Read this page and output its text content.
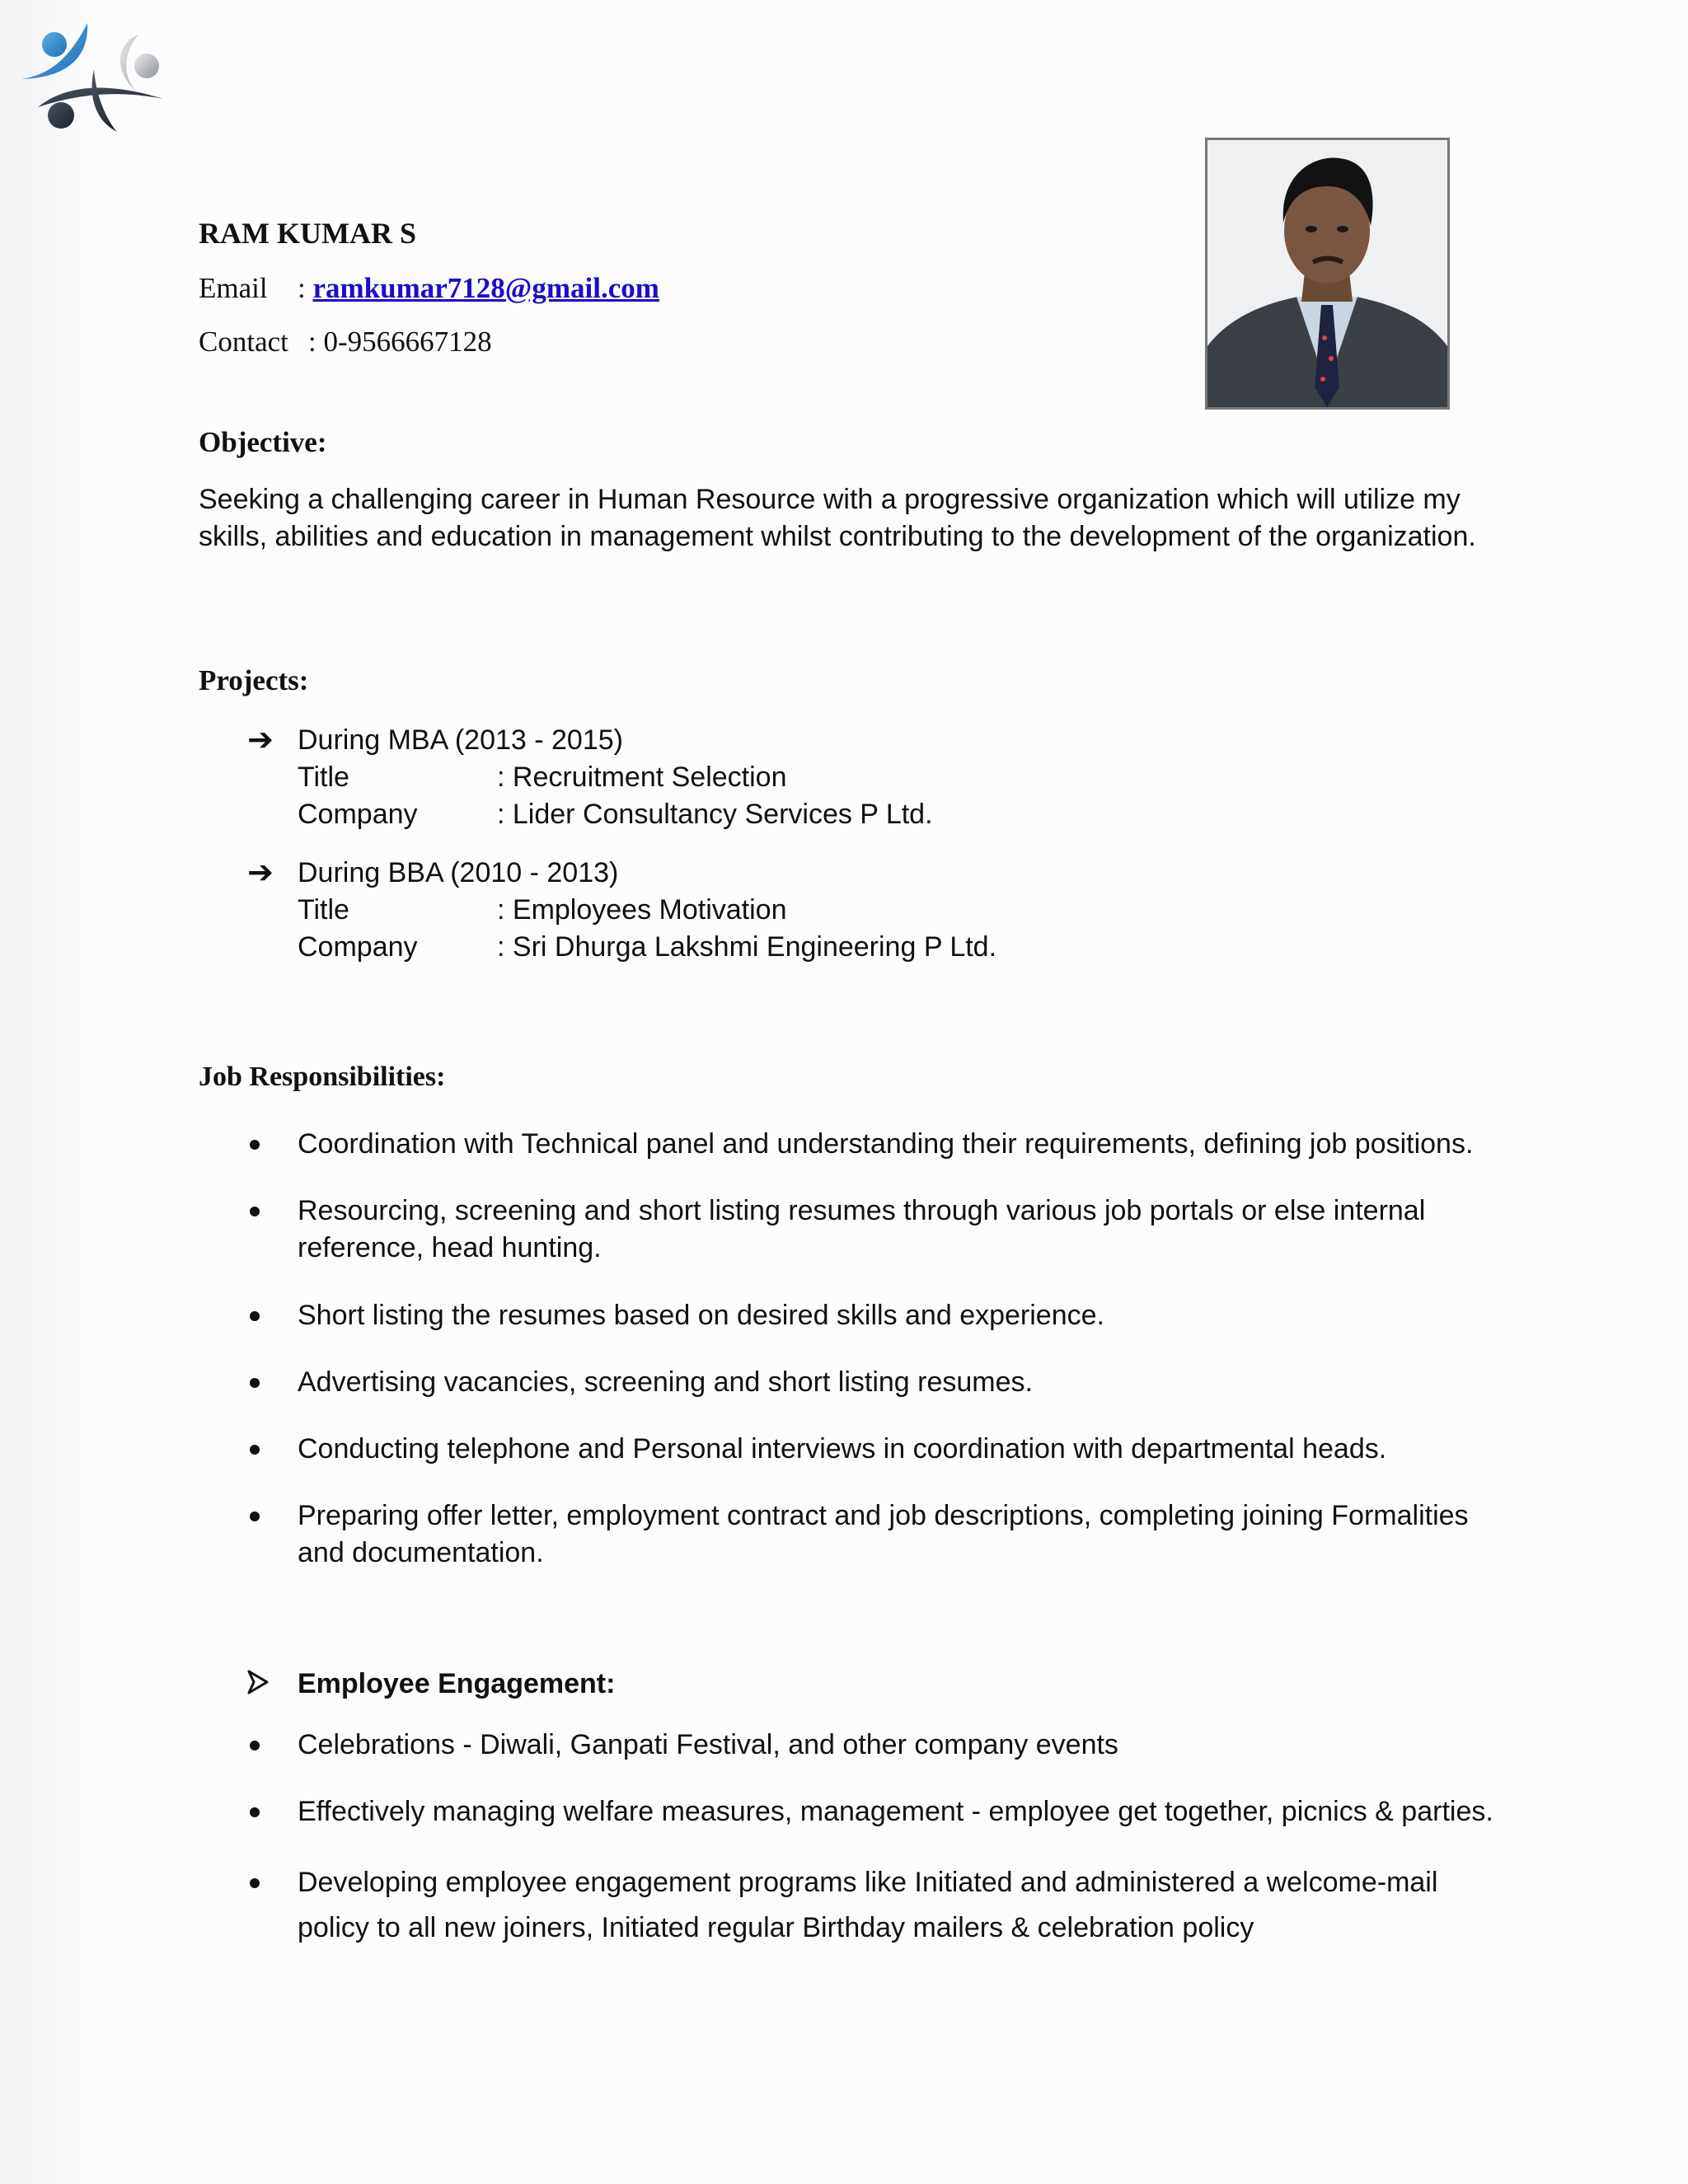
RAM KUMAR S
Email : ramkumar7128@gmail.com
Contact : 0-9566667128
Objective:
Seeking a challenging career in Human Resource with a progressive organization which will utilize my skills, abilities and education in management whilst contributing to the development of the organization.
Projects:
➔ During MBA (2013 - 2015)
Title	: Recruitment Selection
Company	: Lider Consultancy Services P Ltd.
➔ During BBA (2010 - 2013)
Title	: Employees Motivation
Company	: Sri Dhurga Lakshmi Engineering P Ltd.
Job Responsibilities:
Coordination with Technical panel and understanding their requirements, defining job positions.
Resourcing, screening and short listing resumes through various job portals or else internal reference, head hunting.
Short listing the resumes based on desired skills and experience.
Advertising vacancies, screening and short listing resumes.
Conducting telephone and Personal interviews in coordination with departmental heads.
Preparing offer letter, employment contract and job descriptions, completing joining Formalities and documentation.
Employee Engagement:
Celebrations - Diwali, Ganpati Festival, and other company events
Effectively managing welfare measures, management - employee get together, picnics & parties.
Developing employee engagement programs like Initiated and administered a welcome-mail policy to all new joiners, Initiated regular Birthday mailers & celebration policy
